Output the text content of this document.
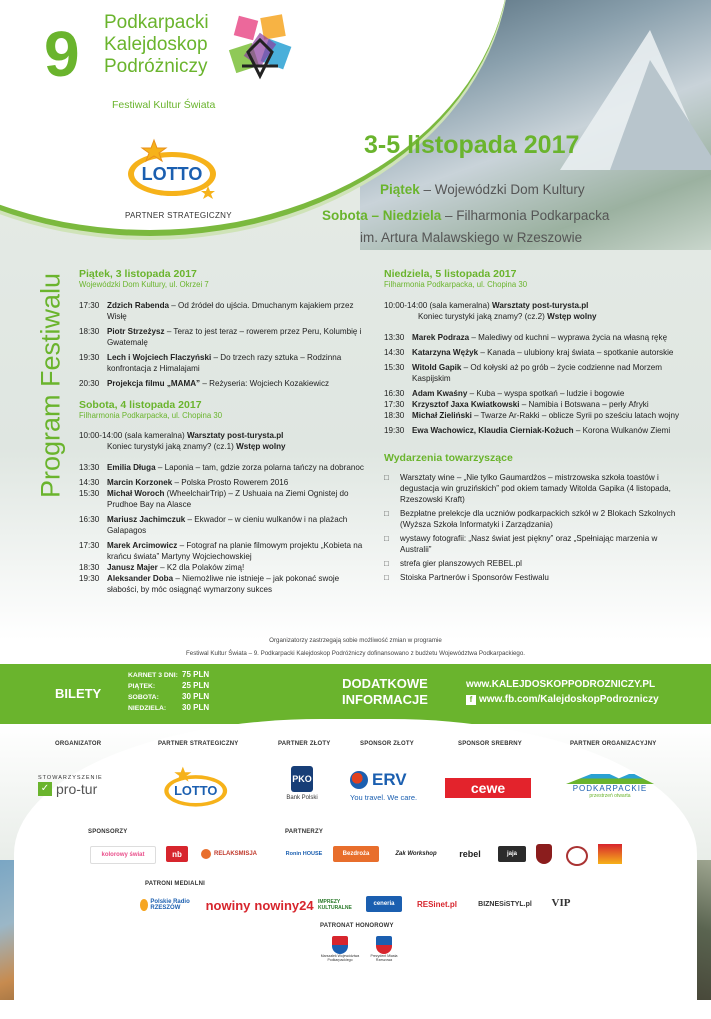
9 Podkarpacki
Kalejdoskop
Podróżniczy
Festiwal Kultur Świata
LOTTO
PARTNER STRATEGICZNY
3-5 listopada 2017
Piątek – Wojewódzki Dom Kultury
Sobota – Niedziela – Filharmonia Podkarpacka
im. Artura Malawskiego w Rzeszowie
Program Festiwalu Piątek, 3 listopada 2017
Wojewódzki Dom Kultury, ul. Okrzei 7
17:30 Zdzich Rabenda – Od źródeł do ujścia. Dmuchanym kajakiem przez Wisłę
18:30 Piotr Strzeżysz – Teraz to jest teraz – rowerem przez Peru, Kolumbię i Gwatemalę
19:30 Lech i Wojciech Flaczyński – Do trzech razy sztuka – Rodzinna konfrontacja z Himalajami
20:30 Projekcja filmu „MAMA” – Reżyseria: Wojciech Kozakiewicz
Sobota, 4 listopada 2017
Filharmonia Podkarpacka, ul. Chopina 30
10:00-14:00 (sala kameralna) Warsztaty post-turysta.pl
Koniec turystyki jaką znamy? (cz.1) Wstęp wolny
13:30 Emilia Długa – Laponia – tam, gdzie zorza polarna tańczy na dobranoc
14:30 Marcin Korzonek – Polska Prosto Rowerem 2016
15:30 Michał Woroch (WheelchairTrip) – Z Ushuaia na Ziemi Ognistej do Prudhoe Bay na Alasce
16:30 Mariusz Jachimczuk – Ekwador – w cieniu wulkanów i na plażach Galapagos
17:30 Marek Arcimowicz – Fotograf na planie filmowym projektu „Kobieta na krańcu świata” Martyny Wojciechowskiej
18:30 Janusz Majer – K2 dla Polaków zimą!
19:30 Aleksander Doba – Niemożliwe nie istnieje – jak pokonać swoje słabości, by móc osiągnąć wymarzony sukces
Niedziela, 5 listopada 2017
Filharmonia Podkarpacka, ul. Chopina 30
10:00-14:00 (sala kameralna) Warsztaty post-turysta.pl
Koniec turystyki jaką znamy? (cz.2) Wstęp wolny
13:30 Marek Podraza – Malediwy od kuchni – wyprawa życia na własną rękę
14:30 Katarzyna Wężyk – Kanada – ulubiony kraj świata – spotkanie autorskie
15:30 Witold Gapik – Od kołyski aż po grób – życie codzienne nad Morzem Kaspijskim
16:30 Adam Kwaśny – Kuba – wyspa spotkań – ludzie i bogowie
17:30 Krzysztof Jaxa Kwiatkowski – Namibia i Botswana – perły Afryki
18:30 Michał Zieliński – Twarze Ar-Rakki – oblicze Syrii po sześciu latach wojny
19:30 Ewa Wachowicz, Klaudia Cierniak-Kożuch – Korona Wulkanów Ziemi
Wydarzenia towarzyszące
□	Warsztaty wine – „Nie tylko Gaumardżos – mistrzowska szkoła toastów i degustacja win gruzińskich” pod okiem tamady Witolda Gapika (4 listopada, Rzeszowski Kraft)
□	Bezpłatne prelekcje dla uczniów podkarpackich szkół w 2 Blokach Szkolnych (Wyższa Szkoła Informatyki i Zarządzania)
□	wystawy fotografii: „Nasz świat jest piękny” oraz „Spełniając marzenia w Australii”
□	strefa gier planszowych REBEL.pl
□	Stoiska Partnerów i Sponsorów Festiwalu
Organizatorzy zastrzegają sobie możliwość zmian w programie
Festiwal Kultur Świata – 9. Podkarpacki Kalejdoskop Podróżniczy dofinansowano z budżetu Województwa Podkarpackiego.
BILETY
KARNET 3 DNI: 75 PLN
PIĄTEK:	25 PLN
SOBOTA:	30 PLN
NIEDZIELA: 30 PLN
DODATKOWE
INFORMACJE
www.KALEJDOSKOPPODROZNICZY.PL
f www.fb.com/KalejdoskopPodrozniczy
ORGANIZATOR	PARTNER STRATEGICZNY	PARTNER ZŁOTY	SPONSOR ZŁOTY	SPONSOR SREBRNY	PARTNER ORGANIZACYJNY
STOWARZYSZENIE
✓ pro-tur	LOTTO
PKO
Bank Polski
ERV
You travel. We care.
cewe	PODKARPACKIE
przestrzeń otwarta
SPONSORZY	PARTNERZY
kolorowy świat	nb	RELAKSMISJA	Ronin HOUSE	Bezdroża	Zak Workshop	rebel	jaja
PATRONI MEDIALNI
Polskie Radio RZESZÓW	nowiny nowiny24 IMPREZY KULTURALNE
ceneria	RESinet.pl	BIZNESiSTYL.pl VIP
PATRONAT HONOROWY
Marszałek Województwa Podkarpackiego
Prezydent Miasta Rzeszowa
